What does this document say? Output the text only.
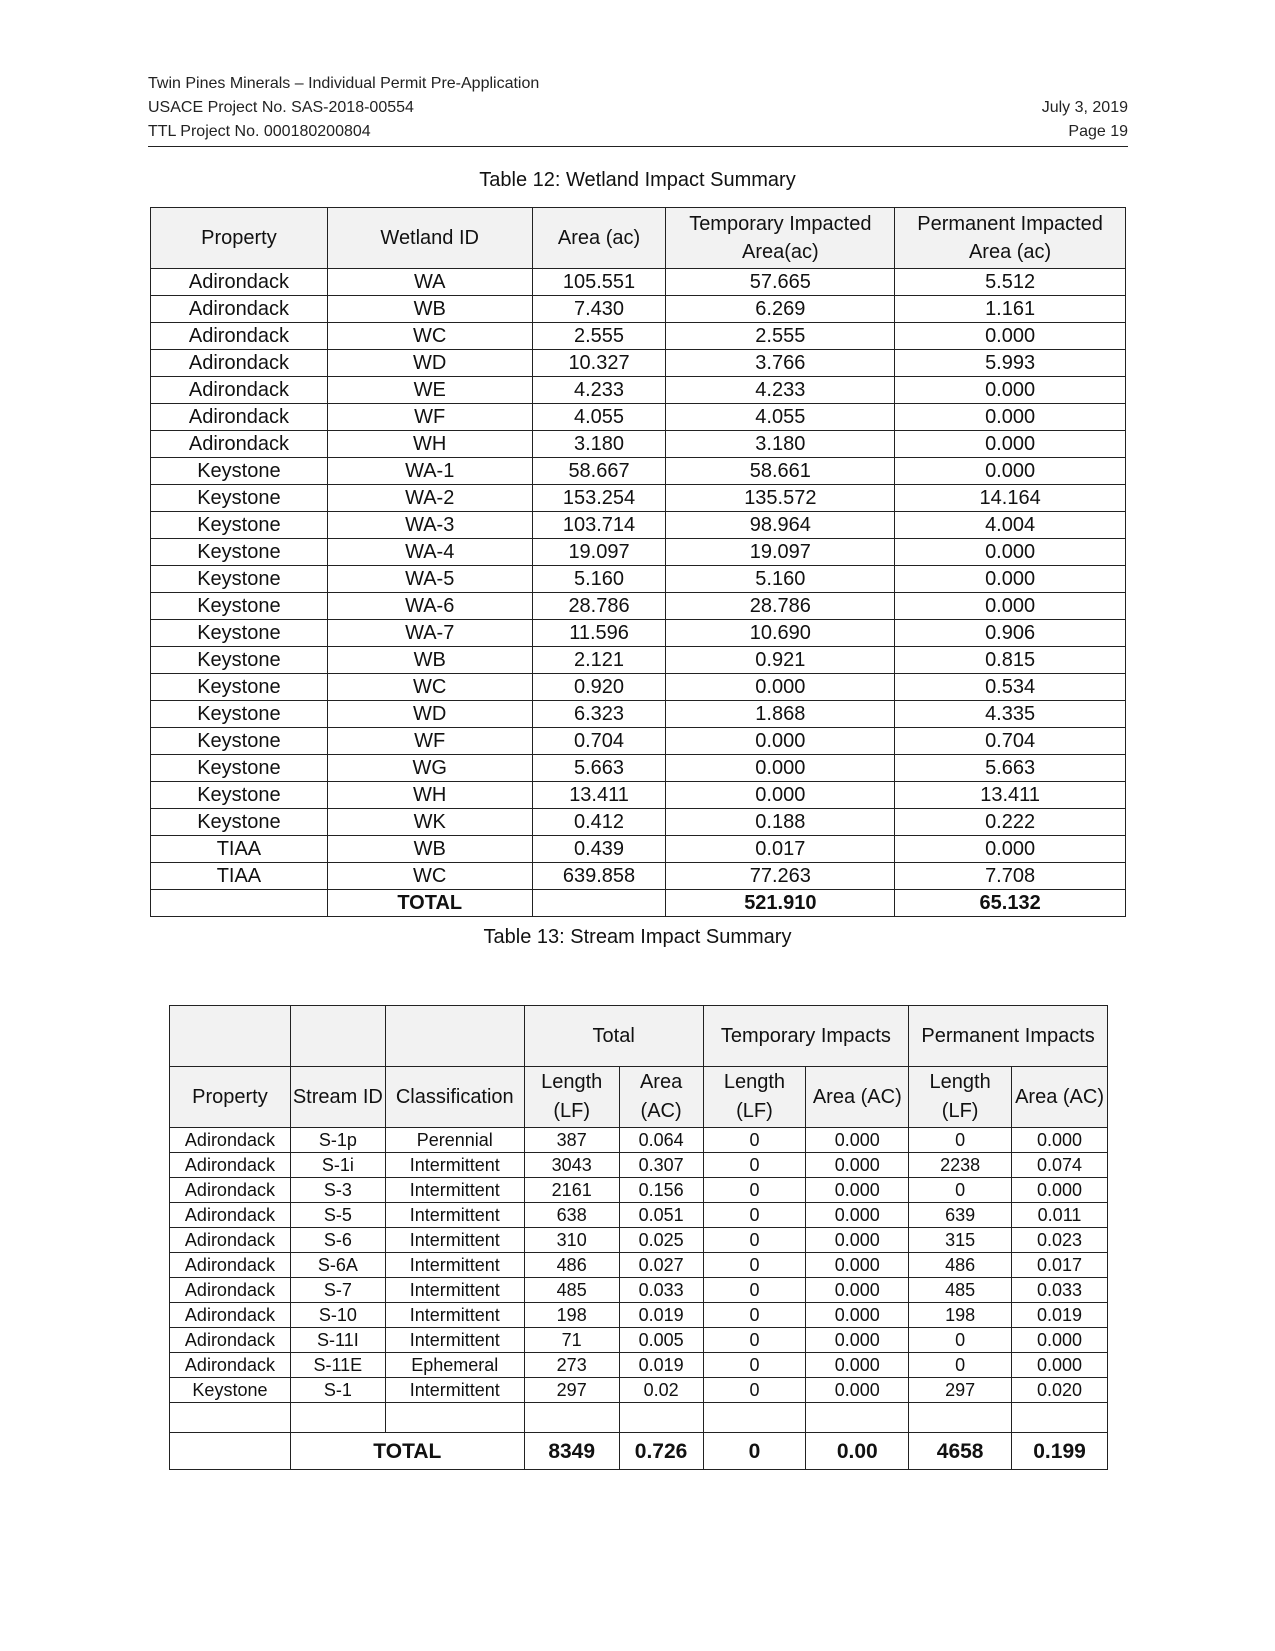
Twin Pines Minerals – Individual Permit Pre-Application
USACE Project No. SAS-2018-00554	July 3, 2019
TTL Project No. 000180200804	Page 19
Table 12: Wetland Impact Summary
Property	Wetland ID	Area (ac)	Temporary Impacted Area(ac)	Permanent Impacted Area (ac)
Adirondack	WA	105.551	57.665	5.512
Adirondack	WB	7.430	6.269	1.161
Adirondack	WC	2.555	2.555	0.000
Adirondack	WD	10.327	3.766	5.993
Adirondack	WE	4.233	4.233	0.000
Adirondack	WF	4.055	4.055	0.000
Adirondack	WH	3.180	3.180	0.000
Keystone	WA-1	58.667	58.661	0.000
Keystone	WA-2	153.254	135.572	14.164
Keystone	WA-3	103.714	98.964	4.004
Keystone	WA-4	19.097	19.097	0.000
Keystone	WA-5	5.160	5.160	0.000
Keystone	WA-6	28.786	28.786	0.000
Keystone	WA-7	11.596	10.690	0.906
Keystone	WB	2.121	0.921	0.815
Keystone	WC	0.920	0.000	0.534
Keystone	WD	6.323	1.868	4.335
Keystone	WF	0.704	0.000	0.704
Keystone	WG	5.663	0.000	5.663
Keystone	WH	13.411	0.000	13.411
Keystone	WK	0.412	0.188	0.222
TIAA	WB	0.439	0.017	0.000
TIAA	WC	639.858	77.263	7.708
	TOTAL		521.910	65.132
Table 13: Stream Impact Summary
			Total		Temporary Impacts		Permanent Impacts	
Property	Stream ID	Classification	Length (LF)	Area (AC)	Length (LF)	Area (AC)	Length (LF)	Area (AC)
Adirondack	S-1p	Perennial	387	0.064	0	0.000	0	0.000
Adirondack	S-1i	Intermittent	3043	0.307	0	0.000	2238	0.074
Adirondack	S-3	Intermittent	2161	0.156	0	0.000	0	0.000
Adirondack	S-5	Intermittent	638	0.051	0	0.000	639	0.011
Adirondack	S-6	Intermittent	310	0.025	0	0.000	315	0.023
Adirondack	S-6A	Intermittent	486	0.027	0	0.000	486	0.017
Adirondack	S-7	Intermittent	485	0.033	0	0.000	485	0.033
Adirondack	S-10	Intermittent	198	0.019	0	0.000	198	0.019
Adirondack	S-11I	Intermittent	71	0.005	0	0.000	0	0.000
Adirondack	S-11E	Ephemeral	273	0.019	0	0.000	0	0.000
Keystone	S-1	Intermittent	297	0.02	0	0.000	297	0.020

	TOTAL		8349	0.726	0	0.00	4658	0.199
